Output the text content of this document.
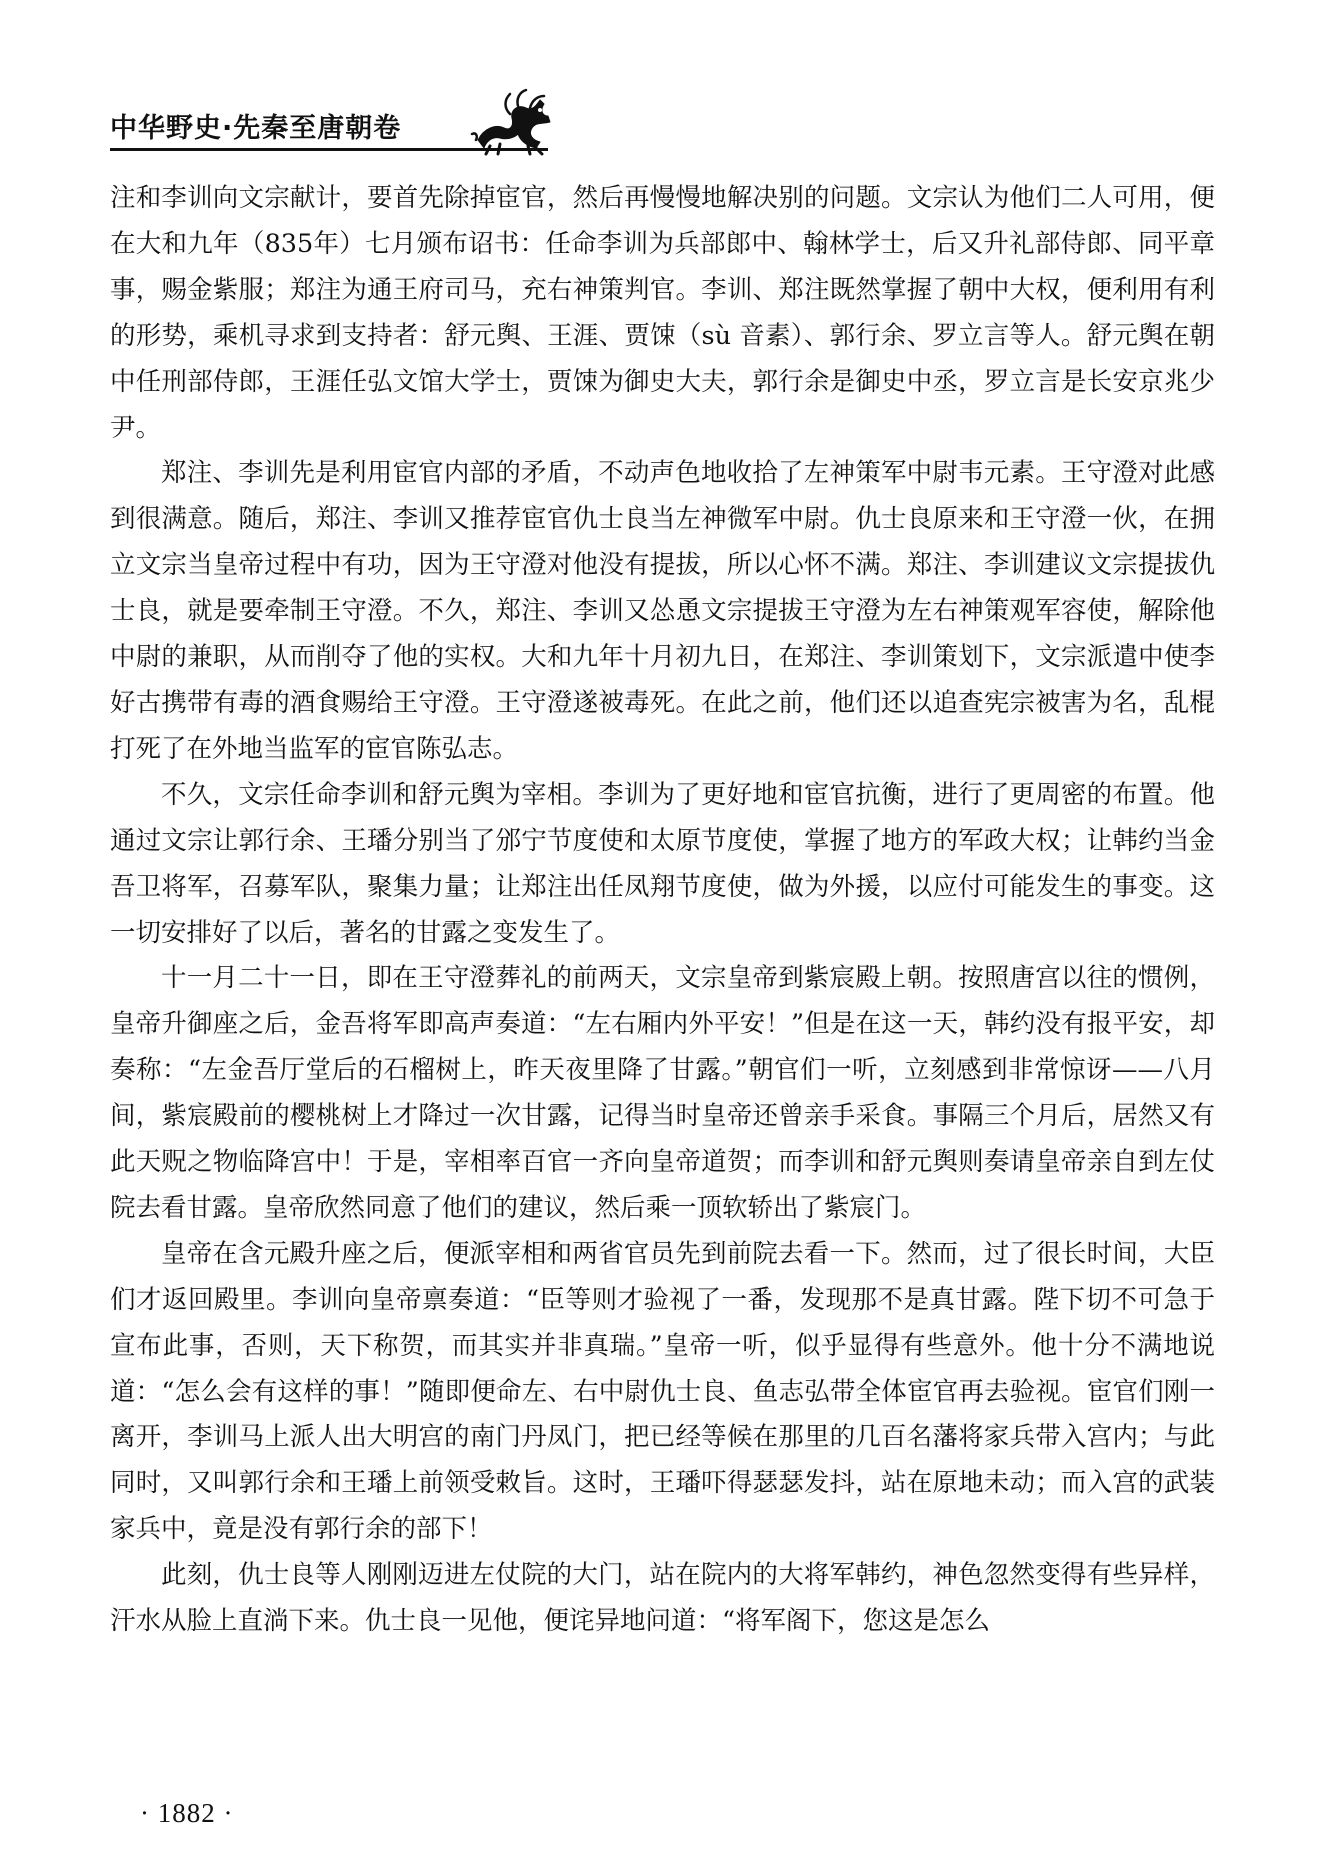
中华野史·先秦至唐朝卷

注和李训向文宗献计，要首先除掉宦官，然后再慢慢地解决别的问题。文宗认为他们二人可用，便在大和九年（835年）七月颁布诏书：任命李训为兵部郎中、翰林学士，后又升礼部侍郎、同平章事，赐金紫服；郑注为通王府司马，充右神策判官。李训、郑注既然掌握了朝中大权，便利用有利的形势，乘机寻求到支持者：舒元舆、王涯、贾𫗧（sù 音素）、郭行余、罗立言等人。舒元舆在朝中任刑部侍郎，王涯任弘文馆大学士，贾𫗧为御史大夫，郭行余是御史中丞，罗立言是长安京兆少尹。

郑注、李训先是利用宦官内部的矛盾，不动声色地收拾了左神策军中尉韦元素。王守澄对此感到很满意。随后，郑注、李训又推荐宦官仇士良当左神微军中尉。仇士良原来和王守澄一伙，在拥立文宗当皇帝过程中有功，因为王守澄对他没有提拔，所以心怀不满。郑注、李训建议文宗提拔仇士良，就是要牵制王守澄。不久，郑注、李训又怂恿文宗提拔王守澄为左右神策观军容使，解除他中尉的兼职，从而削夺了他的实权。大和九年十月初九日，在郑注、李训策划下，文宗派遣中使李好古携带有毒的酒食赐给王守澄。王守澄遂被毒死。在此之前，他们还以追查宪宗被害为名，乱棍打死了在外地当监军的宦官陈弘志。

不久，文宗任命李训和舒元舆为宰相。李训为了更好地和宦官抗衡，进行了更周密的布置。他通过文宗让郭行余、王璠分别当了邠宁节度使和太原节度使，掌握了地方的军政大权；让韩约当金吾卫将军，召募军队，聚集力量；让郑注出任凤翔节度使，做为外援，以应付可能发生的事变。这一切安排好了以后，著名的甘露之变发生了。

十一月二十一日，即在王守澄葬礼的前两天，文宗皇帝到紫宸殿上朝。按照唐宫以往的惯例，皇帝升御座之后，金吾将军即高声奏道：“左右厢内外平安！”但是在这一天，韩约没有报平安，却奏称：“左金吾厅堂后的石榴树上，昨天夜里降了甘露。”朝官们一听，立刻感到非常惊讶——八月间，紫宸殿前的樱桃树上才降过一次甘露，记得当时皇帝还曾亲手采食。事隔三个月后，居然又有此天贶之物临降宫中！于是，宰相率百官一齐向皇帝道贺；而李训和舒元舆则奏请皇帝亲自到左仗院去看甘露。皇帝欣然同意了他们的建议，然后乘一顶软轿出了紫宸门。

皇帝在含元殿升座之后，便派宰相和两省官员先到前院去看一下。然而，过了很长时间，大臣们才返回殿里。李训向皇帝禀奏道：“臣等则才验视了一番，发现那不是真甘露。陛下切不可急于宣布此事，否则，天下称贺，而其实并非真瑞。”皇帝一听，似乎显得有些意外。他十分不满地说道：“怎么会有这样的事！”随即便命左、右中尉仇士良、鱼志弘带全体宦官再去验视。宦官们刚一离开，李训马上派人出大明宫的南门丹凤门，把已经等候在那里的几百名藩将家兵带入宫内；与此同时，又叫郭行余和王璠上前领受敕旨。这时，王璠吓得瑟瑟发抖，站在原地未动；而入宫的武装家兵中，竟是没有郭行余的部下！

此刻，仇士良等人刚刚迈进左仗院的大门，站在院内的大将军韩约，神色忽然变得有些异样，汗水从脸上直淌下来。仇士良一见他，便诧异地问道：“将军阁下，您这是怎么

· 1882 ·
